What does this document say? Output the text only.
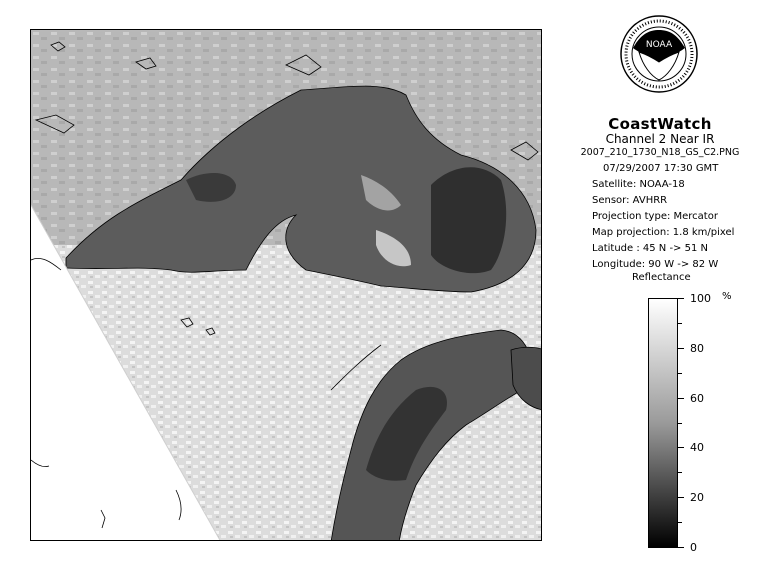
NOAA
CoastWatch
Channel 2 Near IR
2007_210_1730_N18_GS_C2.PNG
07/29/2007 17:30 GMT
Satellite: NOAA-18
Sensor: AVHRR
Projection type: Mercator
Map projection: 1.8 km/pixel
Latitude : 45 N -> 51 N
Longitude: 90 W -> 82 W
Reflectance
%
100
80
60
40
20
0
